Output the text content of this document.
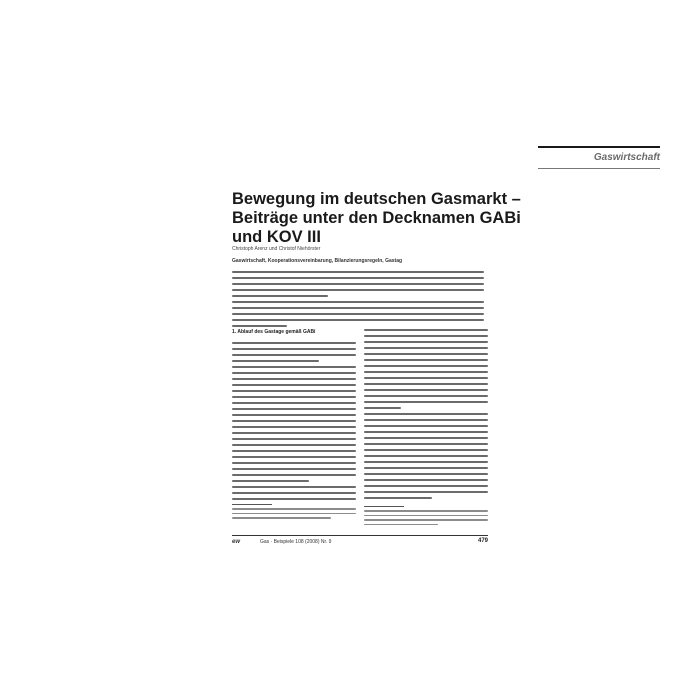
Gaswirtschaft
Bewegung im deutschen Gasmarkt –
Beiträge unter den Decknamen GABi
und KOV III
Christoph Arenz und Christof Niehörster
Gaswirtschaft, Kooperationsvereinbarung, Bilanzierungsregeln, Gastag
1. Ablauf des Gastage gemäß GABi
ew	Gas · Beispiele 108 (2008) Nr. 9	479
